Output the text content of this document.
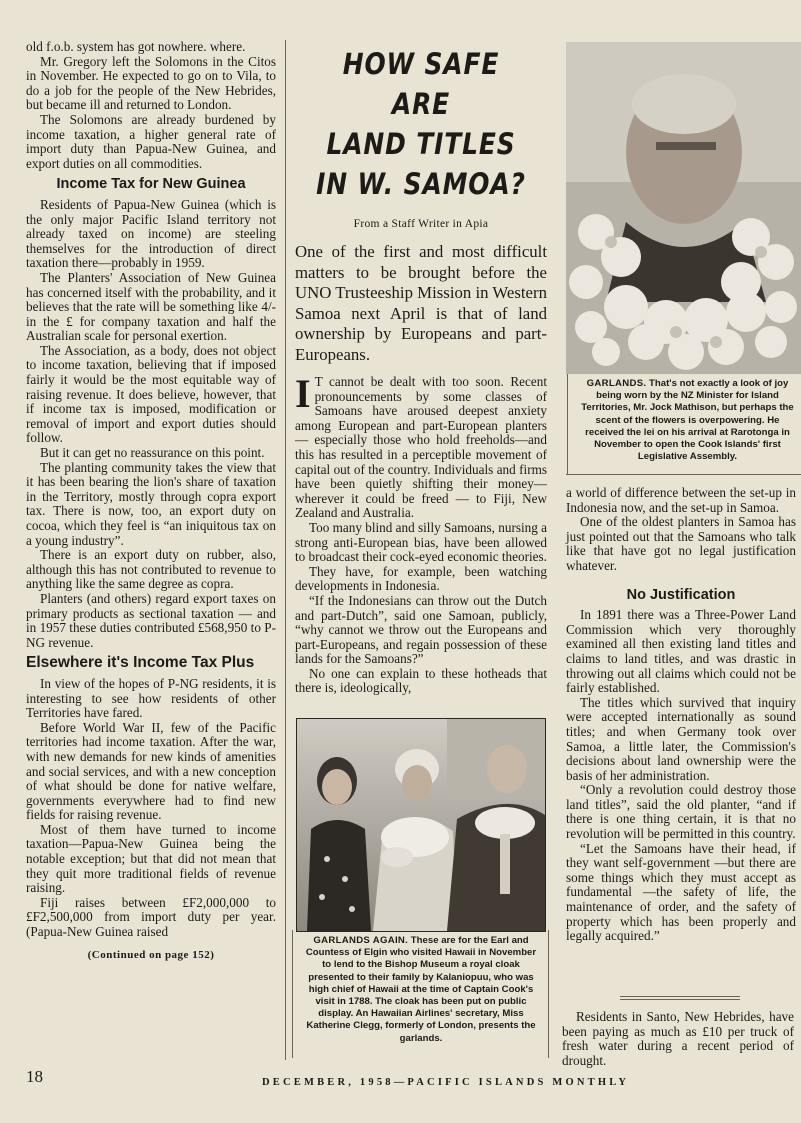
old f.o.b. system has got nowhere. where.

Mr. Gregory left the Solomons in the Citos in November. He expected to go on to Vila, to do a job for the people of the New Hebrides, but became ill and returned to London.

The Solomons are already burdened by income taxation, a higher general rate of import duty than Papua-New Guinea, and export duties on all commodities.

Income Tax for New Guinea

Residents of Papua-New Guinea (which is the only major Pacific Island territory not already taxed on income) are steeling themselves for the introduction of direct taxation there—probably in 1959.

The Planters' Association of New Guinea has concerned itself with the probability, and it believes that the rate will be something like 4/- in the £ for company taxation and half the Australian scale for personal exertion.

The Association, as a body, does not object to income taxation, believing that if imposed fairly it would be the most equitable way of raising revenue. It does believe, however, that if income tax is imposed, modification or removal of import and export duties should follow.

But it can get no reassurance on this point.

The planting community takes the view that it has been bearing the lion's share of taxation in the Territory, mostly through copra export tax. There is now, too, an export duty on cocoa, which they feel is “an iniquitous tax on a young industry”.

There is an export duty on rubber, also, although this has not contributed to revenue to anything like the same degree as copra.

Planters (and others) regard export taxes on primary products as sectional taxation — and in 1957 these duties contributed £568,950 to P-NG revenue.

Elsewhere it's Income Tax Plus

In view of the hopes of P-NG residents, it is interesting to see how residents of other Territories have fared.

Before World War II, few of the Pacific territories had income taxation. After the war, with new demands for new kinds of amenities and social services, and with a new conception of what should be done for native welfare, governments everywhere had to find new fields for raising revenue.

Most of them have turned to income taxation—Papua-New Guinea being the notable exception; but that did not mean that they quit more traditional fields of revenue raising.

Fiji raises between £F2,000,000 to £F2,500,000 from import duty per year. (Papua-New Guinea raised

(Continued on page 152)

HOW SAFE ARE

LAND TITLES

IN W. SAMOA?

From a Staff Writer in Apia
One of the first and most difficult matters to be brought before the UNO Trusteeship Mission in Western Samoa next April is that of land ownership by Europeans and part-Europeans.

I T cannot be dealt with too soon. Recent pronouncements by some classes of Samoans have aroused deepest anxiety among European and part-European planters — especially those who hold freeholds—and this has resulted in a perceptible movement of capital out of the country. Individuals and firms have been quietly shifting their money—wherever it could be freed — to Fiji, New Zealand and Australia.

Too many blind and silly Samoans, nursing a strong anti-European bias, have been allowed to broadcast their cock-eyed economic theories.

They have, for example, been watching developments in Indonesia.

“If the Indonesians can throw out the Dutch and part-Dutch”, said one Samoan, publicly, “why cannot we throw out the Europeans and part-Europeans, and regain possession of these lands for the Samoans?”

No one can explain to these hotheads that there is, ideologically,

GARLANDS AGAIN. These are for the Earl and Countess of Elgin who visited Hawaii in November to lend to the Bishop Museum a royal cloak presented to their family by Kalaniopuu, who was high chief of Hawaii at the time of Captain Cook's visit in 1788. The cloak has been put on public display. An Hawaiian Airlines' secretary, Miss Katherine Clegg, formerly of London, presents the garlands.

GARLANDS. That's not exactly a look of joy being worn by the NZ Minister for Island Territories, Mr. Jock Mathison, but perhaps the scent of the flowers is overpowering. He received the lei on his arrival at Rarotonga in November to open the Cook Islands' first Legislative Assembly.

a world of difference between the set-up in Indonesia now, and the set-up in Samoa.

One of the oldest planters in Samoa has just pointed out that the Samoans who talk like that have got no legal justification whatever.

No Justification

In 1891 there was a Three-Power Land Commission which very thoroughly examined all then existing land titles and claims to land titles, and was drastic in throwing out all claims which could not be fairly established.

The titles which survived that inquiry were accepted internationally as sound titles; and when Germany took over Samoa, a little later, the Commission's decisions about land ownership were the basis of her administration.

“Only a revolution could destroy those land titles”, said the old planter, “and if there is one thing certain, it is that no revolution will be permitted in this country.

“Let the Samoans have their head, if they want self-government —but there are some things which they must accept as fundamental —the safety of life, the maintenance of order, and the safety of property which has been properly and legally acquired.”

Residents in Santo, New Hebrides, have been paying as much as £10 per truck of fresh water during a recent period of drought.

18	DECEMBER, 1958—PACIFIC ISLANDS MONTHLY
